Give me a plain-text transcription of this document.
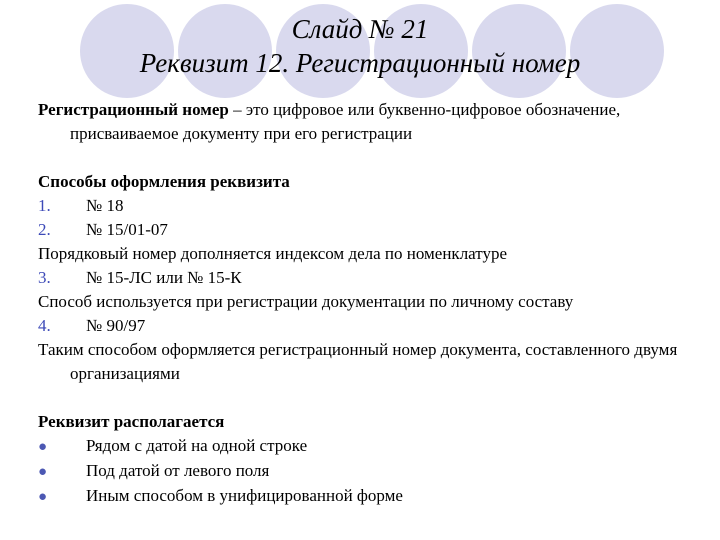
Слайд № 21
Реквизит 12. Регистрационный номер

Регистрационный номер – это цифровое или буквенно-цифровое обозначение, присваиваемое документу при его регистрации

Способы оформления реквизита

1. № 18

2. № 15/01-07

Порядковый номер дополняется индексом дела по номенклатуре

3. № 15-ЛС или № 15-К

Способ используется при регистрации документации по личному составу

4. № 90/97

Таким способом оформляется регистрационный номер документа, составленного двумя организациями

Реквизит располагается

● Рядом с датой на одной строке

● Под датой от левого поля

● Иным способом в унифицированной форме
